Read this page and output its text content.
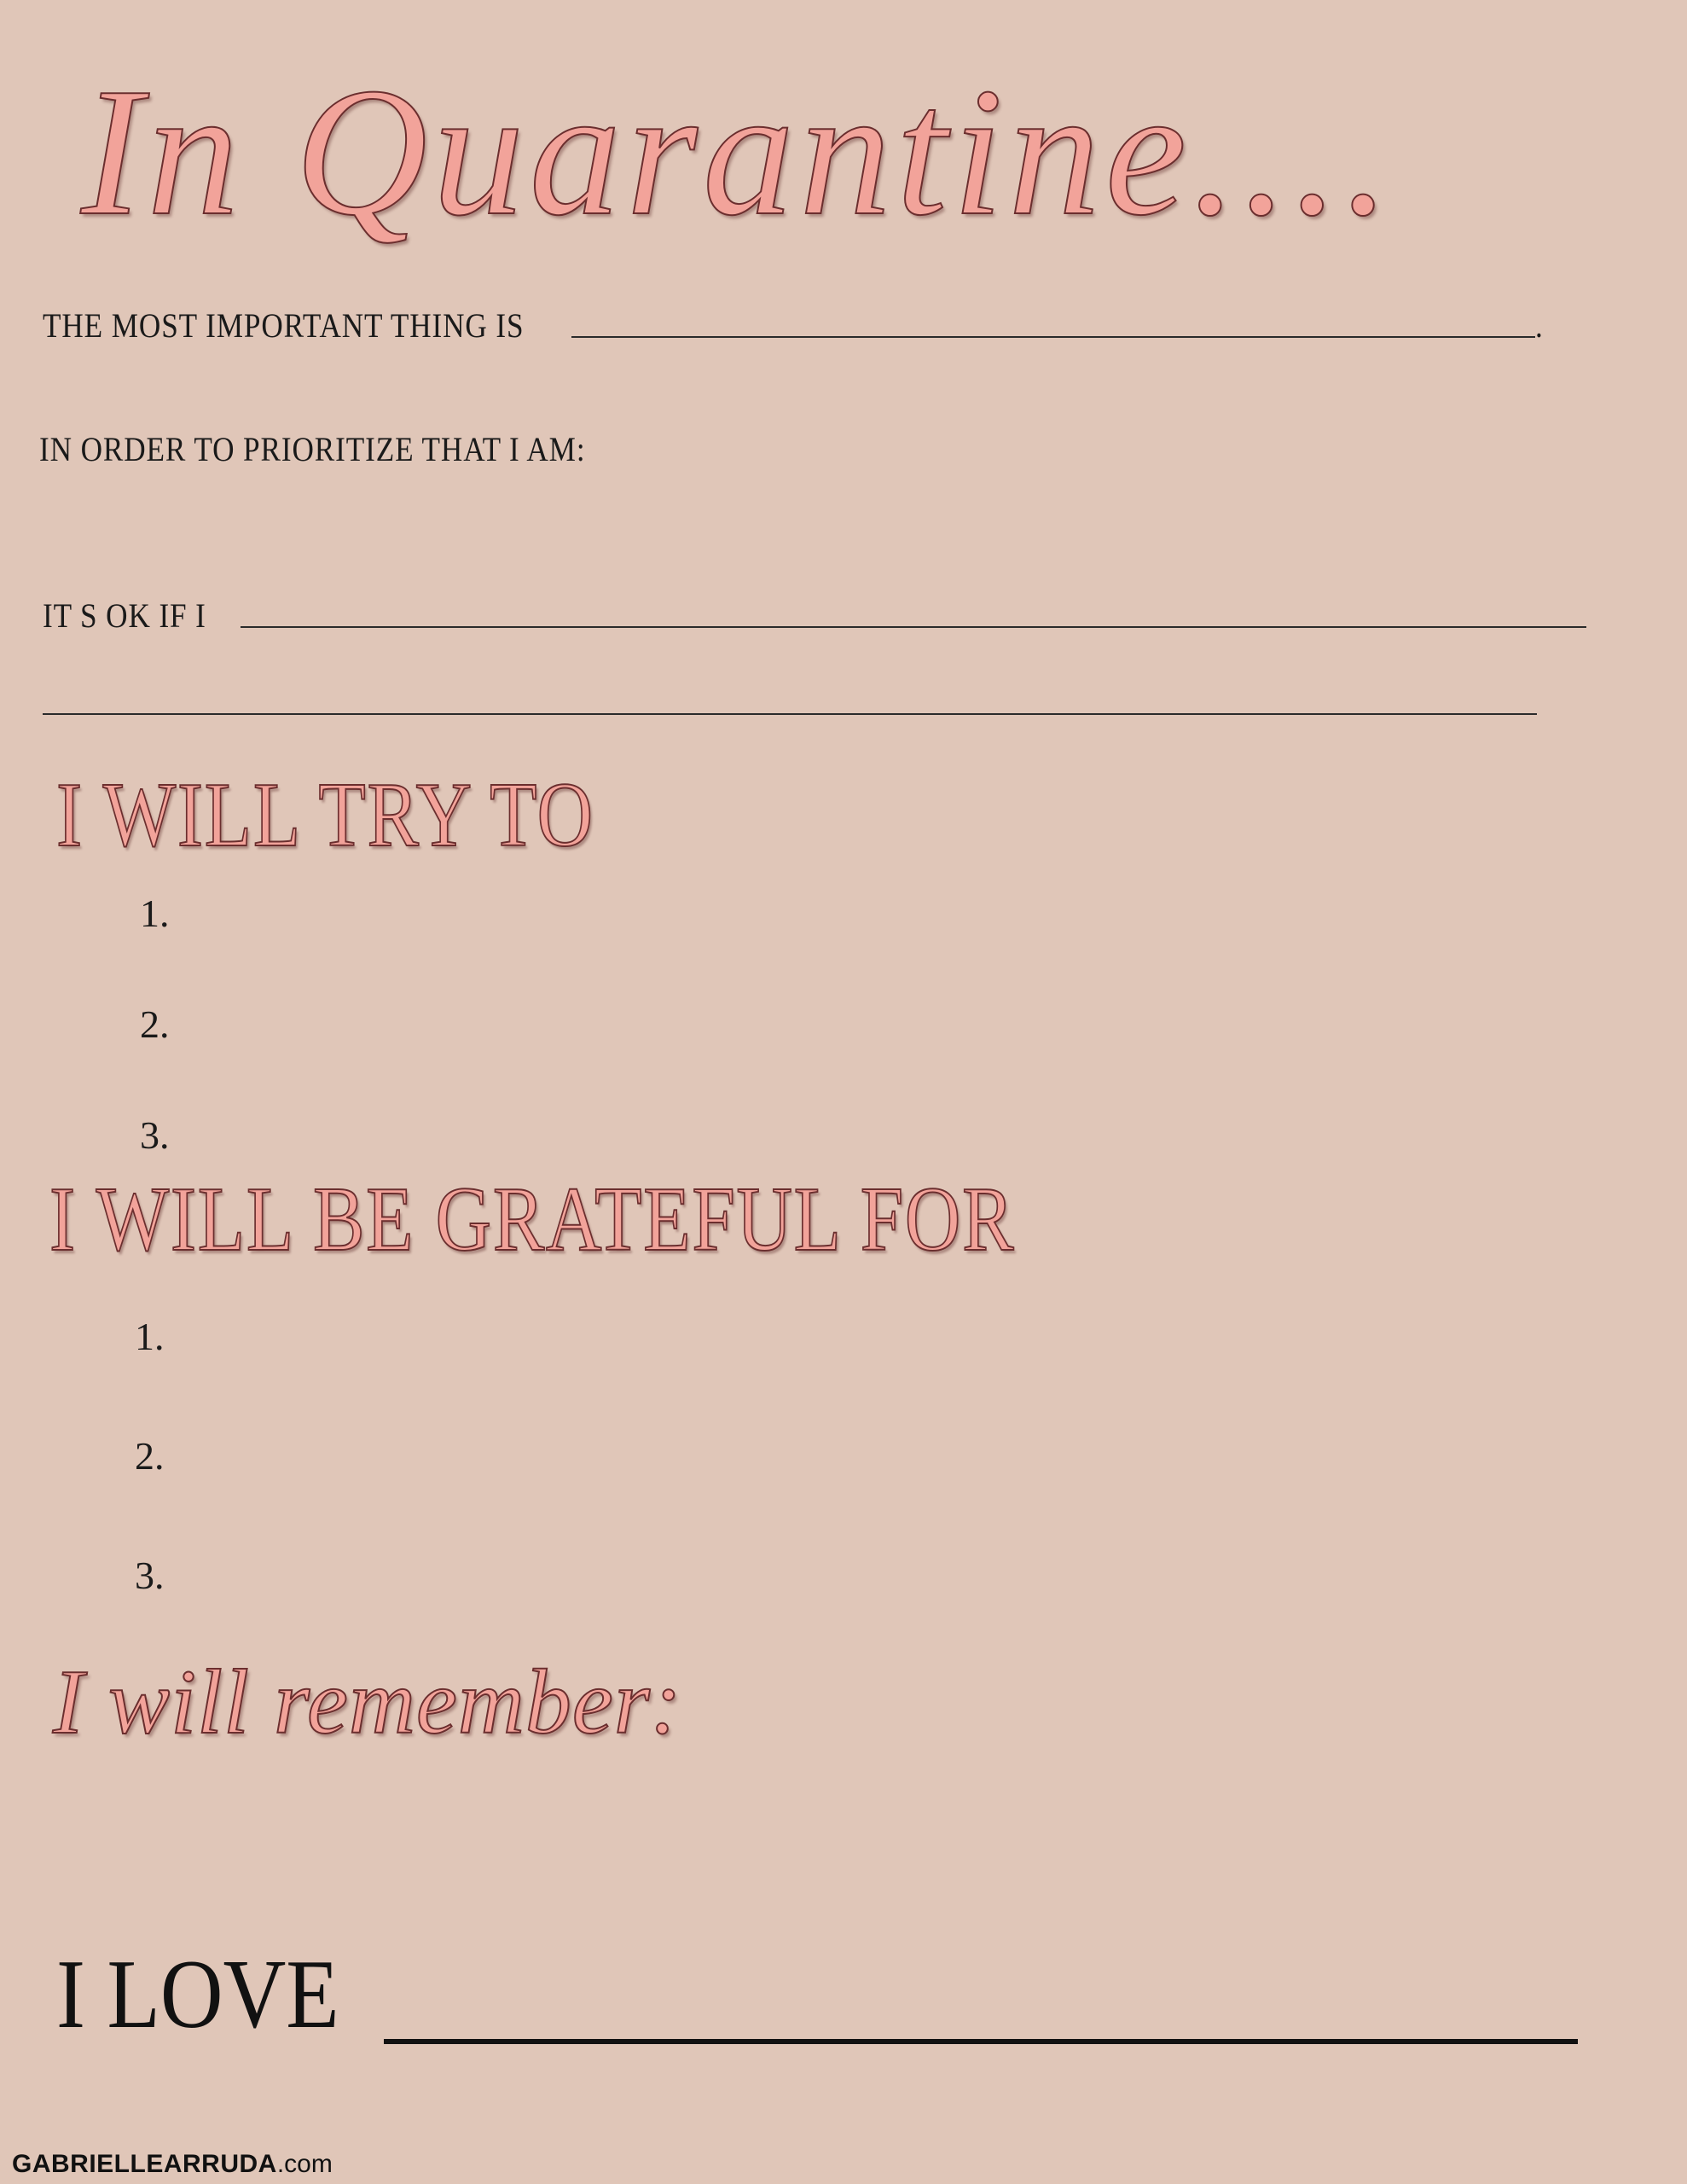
In Quarantine....
THE MOST IMPORTANT THING IS	.
IN ORDER TO PRIORITIZE THAT I AM:
IT S OK IF I
I WILL TRY TO
1.
2.
3.
I WILL BE GRATEFUL FOR
1.
2.
3.
I will remember:
I LOVE
GABRIELLEARRUDA.com
